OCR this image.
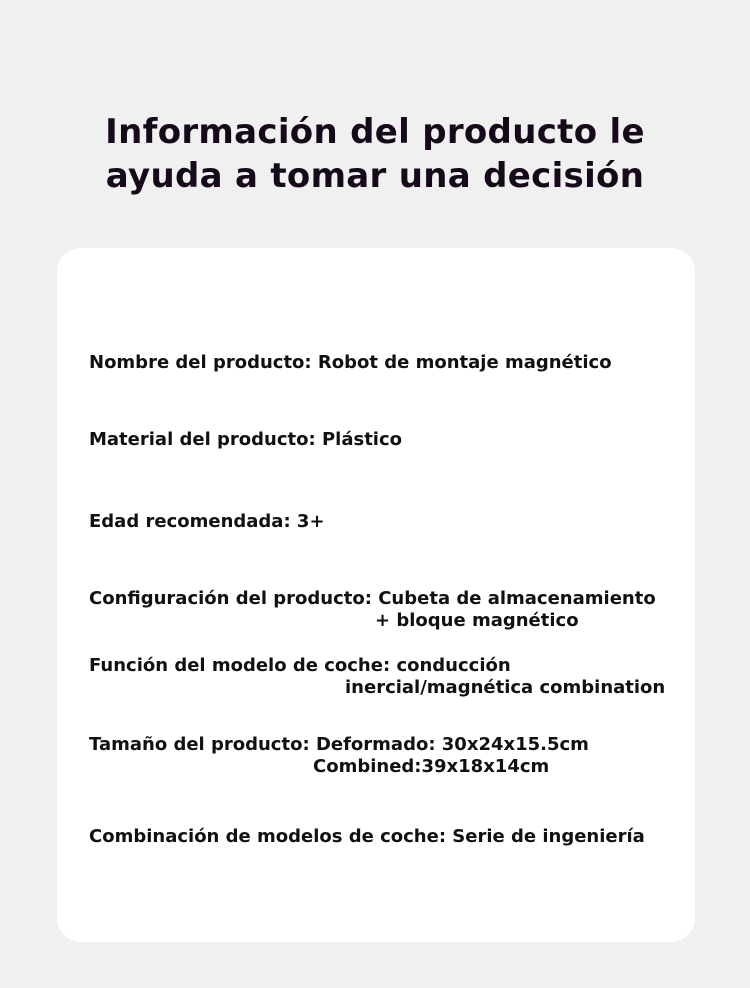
Información del producto le
ayuda a tomar una decisión
Nombre del producto: Robot de montaje magnético
Material del producto: Plástico
Edad recomendada: 3+
Configuración del producto: Cubeta de almacenamiento
+ bloque magnético
Función del modelo de coche: conducción
inercial/magnética combination
Tamaño del producto: Deformado: 30x24x15.5cm
Combined:39x18x14cm
Combinación de modelos de coche: Serie de ingeniería
